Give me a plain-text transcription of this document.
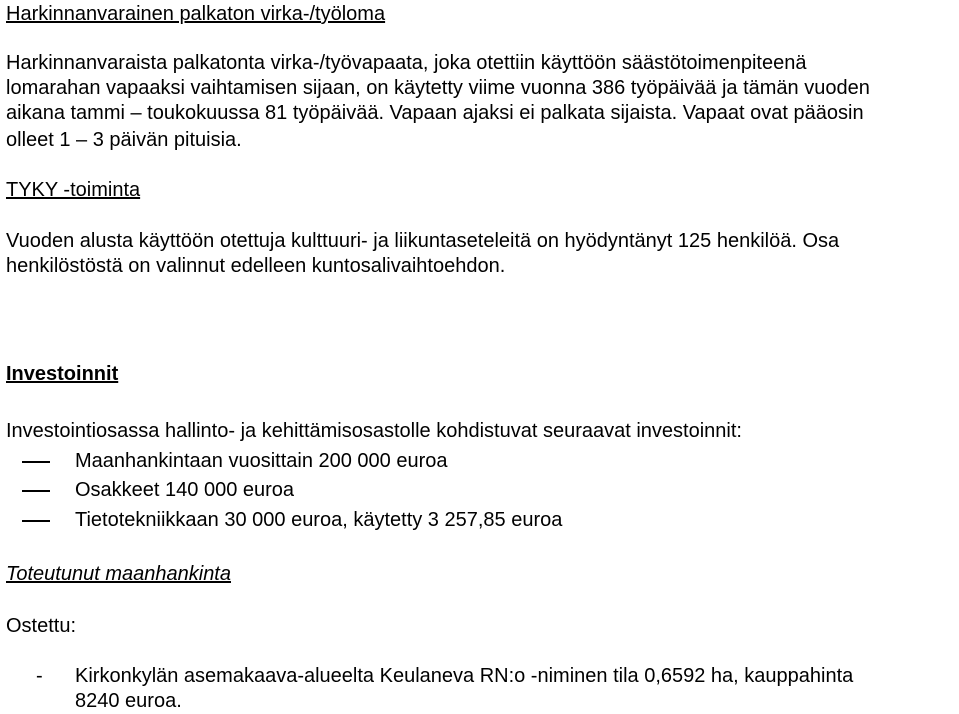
Harkinnanvarainen palkaton virka-/työloma
Harkinnanvaraista palkatonta virka-/työvapaata, joka otettiin käyttöön säästötoimenpiteenä
lomarahan vapaaksi vaihtamisen sijaan, on käytetty viime vuonna 386 työpäivää ja tämän vuoden
aikana tammi – toukokuussa 81 työpäivää. Vapaan ajaksi ei palkata sijaista. Vapaat ovat pääosin
olleet 1 – 3 päivän pituisia.
TYKY -toiminta
Vuoden alusta käyttöön otettuja kulttuuri- ja liikuntaseteleitä on hyödyntänyt 125 henkilöä. Osa
henkilöstöstä on valinnut edelleen kuntosalivaihtoehdon.
Investoinnit
Investointiosassa hallinto- ja kehittämisosastolle kohdistuvat seuraavat investoinnit:
Maanhankintaan vuosittain 200 000 euroa
Osakkeet 140 000 euroa
Tietotekniikkaan 30 000 euroa, käytetty 3 257,85 euroa
Toteutunut maanhankinta
Ostettu:
- Kirkonkylän asemakaava-alueelta Keulaneva RN:o -niminen tila 0,6592 ha, kauppahinta
8240 euroa.
